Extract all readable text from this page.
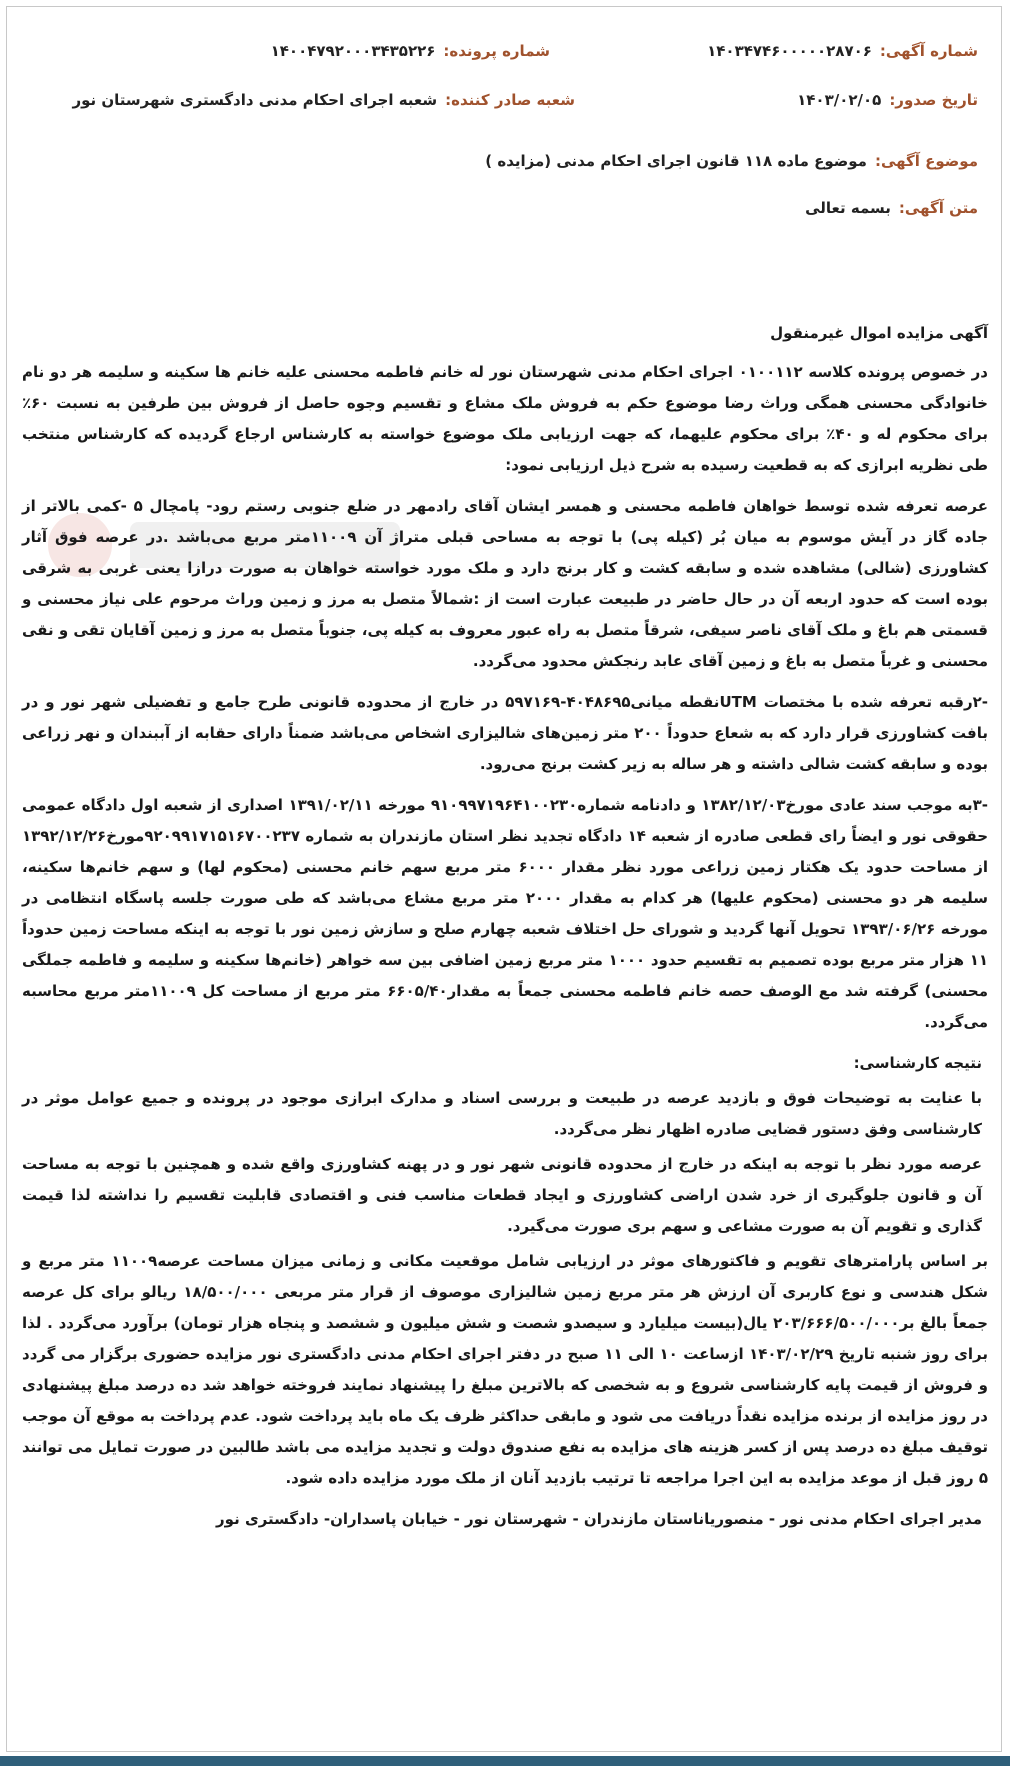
شماره آگهی:۱۴۰۳۴۷۴۶۰۰۰۰۰۲۸۷۰۶
شماره پرونده:۱۴۰۰۴۷۹۲۰۰۰۳۴۳۵۲۲۶
تاریخ صدور:۱۴۰۳/۰۲/۰۵
شعبه صادر کننده:شعبه اجرای احکام مدنی دادگستری شهرستان نور
موضوع آگهی:موضوع ماده ۱۱۸ قانون اجرای احکام مدنی (مزایده )
متن آگهی:بسمه تعالی

آگهی مزایده اموال غیرمنقول

در خصوص پرونده کلاسه ۰۱۰۰۱۱۲ اجرای احکام مدنی شهرستان نور له خانم فاطمه محسنی علیه خانم ها سکینه و سلیمه هر دو نام خانوادگی محسنی همگی وراث رضا موضوع حکم به فروش ملک مشاع و تقسیم وجوه حاصل از فروش بین طرفین به نسبت ۶۰٪ برای محکوم له و ۴۰٪ برای محکوم علیهما، که جهت ارزیابی ملک موضوع خواسته به کارشناس ارجاع گردیده که کارشناس منتخب طی نظریه ابرازی که به قطعیت رسیده به شرح ذیل ارزیابی نمود:

عرصه تعرفه شده توسط خواهان فاطمه محسنی و همسر ایشان آقای رادمهر در ضلع جنوبی رستم رود- پامچال ۵ -کمی بالاتر از جاده گاز در آیش موسوم به میان بُر (کیله پی) با توجه به مساحی قبلی متراژ آن ۱۱۰۰۹متر مربع می‌باشد .در عرصه فوق آثار کشاورزی (شالی) مشاهده شده و سابقه کشت و کار برنج دارد و ملک مورد خواسته خواهان به صورت درازا یعنی غربی به شرقی بوده است که حدود اربعه آن در حال حاضر در طبیعت عبارت است از :شمالاً متصل به مرز و زمین وراث مرحوم علی نیاز محسنی و قسمتی هم باغ و ملک آقای ناصر سیفی، شرقاً متصل به راه عبور معروف به کیله پی، جنوباً متصل به مرز و زمین آقایان تقی و نقی محسنی و غرباً متصل به باغ و زمین آقای عابد رنجکش محدود می‌گردد.

-۲رقبه تعرفه شده با مختصات UTMنقطه میانی۴۰۴۸۶۹۵-۵۹۷۱۶۹ در خارج از محدوده قانونی طرح جامع و تفضیلی شهر نور و در بافت کشاورزی قرار دارد که به شعاع حدوداً ۲۰۰ متر زمین‌های شالیزاری اشخاص می‌باشد ضمناً دارای حقابه از آببندان و نهر زراعی بوده و سابقه کشت شالی داشته و هر ساله به زیر کشت برنج می‌رود.

-۳به موجب سند عادی مورخ۱۳۸۲/۱۲/۰۳ و دادنامه شماره۹۱۰۹۹۷۱۹۶۴۱۰۰۲۳۰ مورخه ۱۳۹۱/۰۲/۱۱ اصداری از شعبه اول دادگاه عمومی حقوقی نور و ایضاً رای قطعی صادره از شعبه ۱۴ دادگاه تجدید نظر استان مازندران به شماره ۹۲۰۹۹۱۷۱۵۱۶۷۰۰۲۳۷مورخ۱۳۹۲/۱۲/۲۶ از مساحت حدود یک هکتار زمین زراعی مورد نظر مقدار ۶۰۰۰ متر مربع سهم خانم محسنی (محکوم لها) و سهم خانم‌ها سکینه، سلیمه هر دو محسنی (محکوم علیها) هر کدام به مقدار ۲۰۰۰ متر مربع مشاع می‌باشد که طی صورت جلسه پاسگاه انتظامی در مورخه ۱۳۹۳/۰۶/۲۶ تحویل آنها گردید و شورای حل اختلاف شعبه چهارم صلح و سازش زمین نور با توجه به اینکه مساحت زمین حدوداً ۱۱ هزار متر مربع بوده تصمیم به تقسیم حدود ۱۰۰۰ متر مربع زمین اضافی بین سه خواهر (خانم‌ها سکینه و سلیمه و فاطمه جملگی محسنی) گرفته شد مع الوصف حصه خانم فاطمه محسنی جمعاً به مقدار۶۶۰۵/۴۰ متر مربع از مساحت کل ۱۱۰۰۹متر مربع محاسبه می‌گردد.

نتیجه کارشناسی:

با عنایت به توضیحات فوق و بازدید عرصه در طبیعت و بررسی اسناد و مدارک ابرازی موجود در پرونده و جمیع عوامل موثر در کارشناسی وفق دستور قضایی صادره اظهار نظر می‌گردد.

عرصه مورد نظر با توجه به اینکه در خارج از محدوده قانونی شهر نور و در پهنه کشاورزی واقع شده و همچنین با توجه به مساحت آن و قانون جلوگیری از خرد شدن اراضی کشاورزی و ایجاد قطعات مناسب فنی و اقتصادی قابلیت تقسیم را نداشته لذا قیمت گذاری و تقویم آن به صورت مشاعی و سهم بری صورت می‌گیرد.

بر اساس پارامترهای تقویم و فاکتورهای موثر در ارزیابی شامل موقعیت مکانی و زمانی میزان مساحت عرصه۱۱۰۰۹ متر مربع و شکل هندسی و نوع کاربری آن ارزش هر متر مربع زمین شالیزاری موصوف از قرار متر مربعی ۱۸/۵۰۰/۰۰۰ ریالو برای کل عرصه جمعاً بالغ بر۲۰۳/۶۶۶/۵۰۰/۰۰۰ یال(بیست میلیارد و سیصدو شصت و شش میلیون و ششصد و پنجاه هزار تومان) برآورد می‌گردد . لذا برای روز شنبه تاریخ ۱۴۰۳/۰۲/۲۹ ازساعت ۱۰ الی ۱۱ صبح در دفتر اجرای احکام مدنی دادگستری نور مزایده حضوری برگزار می گردد و فروش از قیمت پایه کارشناسی شروع و به شخصی که بالاترین مبلغ را پیشنهاد نمایند فروخته خواهد شد ده درصد مبلغ پیشنهادی در روز مزایده از برنده مزایده نقداً دریافت می شود و مابقی حداکثر ظرف یک ماه باید پرداخت شود. عدم پرداخت به موقع آن موجب توقیف مبلغ ده درصد پس از کسر هزینه های مزایده به نفع صندوق دولت و تجدید مزایده می باشد طالبین در صورت تمایل می توانند ۵ روز قبل از موعد مزایده به این اجرا مراجعه تا ترتیب بازدید آنان از ملک مورد مزایده داده شود.

مدیر اجرای احکام مدنی نور - منصوریاناستان مازندران - شهرستان نور - خیابان پاسداران- دادگستری نور
